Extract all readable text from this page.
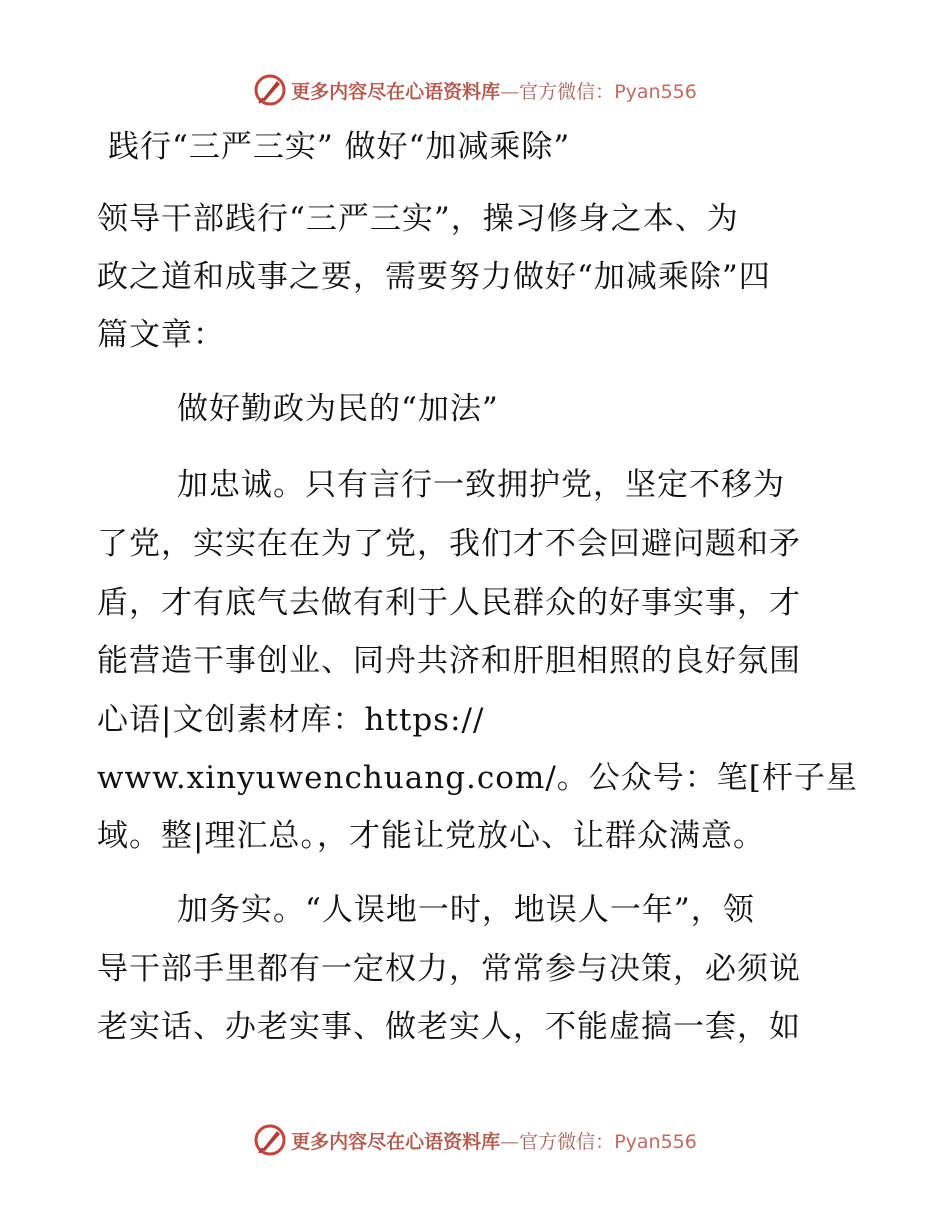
更多内容尽在心语资料库—官方微信：Pyan556
践行“三严三实” 做好“加减乘除”
领导干部践行“三严三实”，操习修身之本、为
政之道和成事之要，需要努力做好“加减乘除”四
篇文章：
做好勤政为民的“加法”
加忠诚。只有言行一致拥护党，坚定不移为
了党，实实在在为了党，我们才不会回避问题和矛
盾，才有底气去做有利于人民群众的好事实事，才
能营造干事创业、同舟共济和肝胆相照的良好氛围
心语|文创素材库：https://
www.xinyuwenchuang.com/。公众号：笔[杆子星
域。整|理汇总。，才能让党放心、让群众满意。
加务实。“人误地一时，地误人一年”，领
导干部手里都有一定权力，常常参与决策，必须说
老实话、办老实事、做老实人，不能虚搞一套，如
更多内容尽在心语资料库—官方微信：Pyan556
